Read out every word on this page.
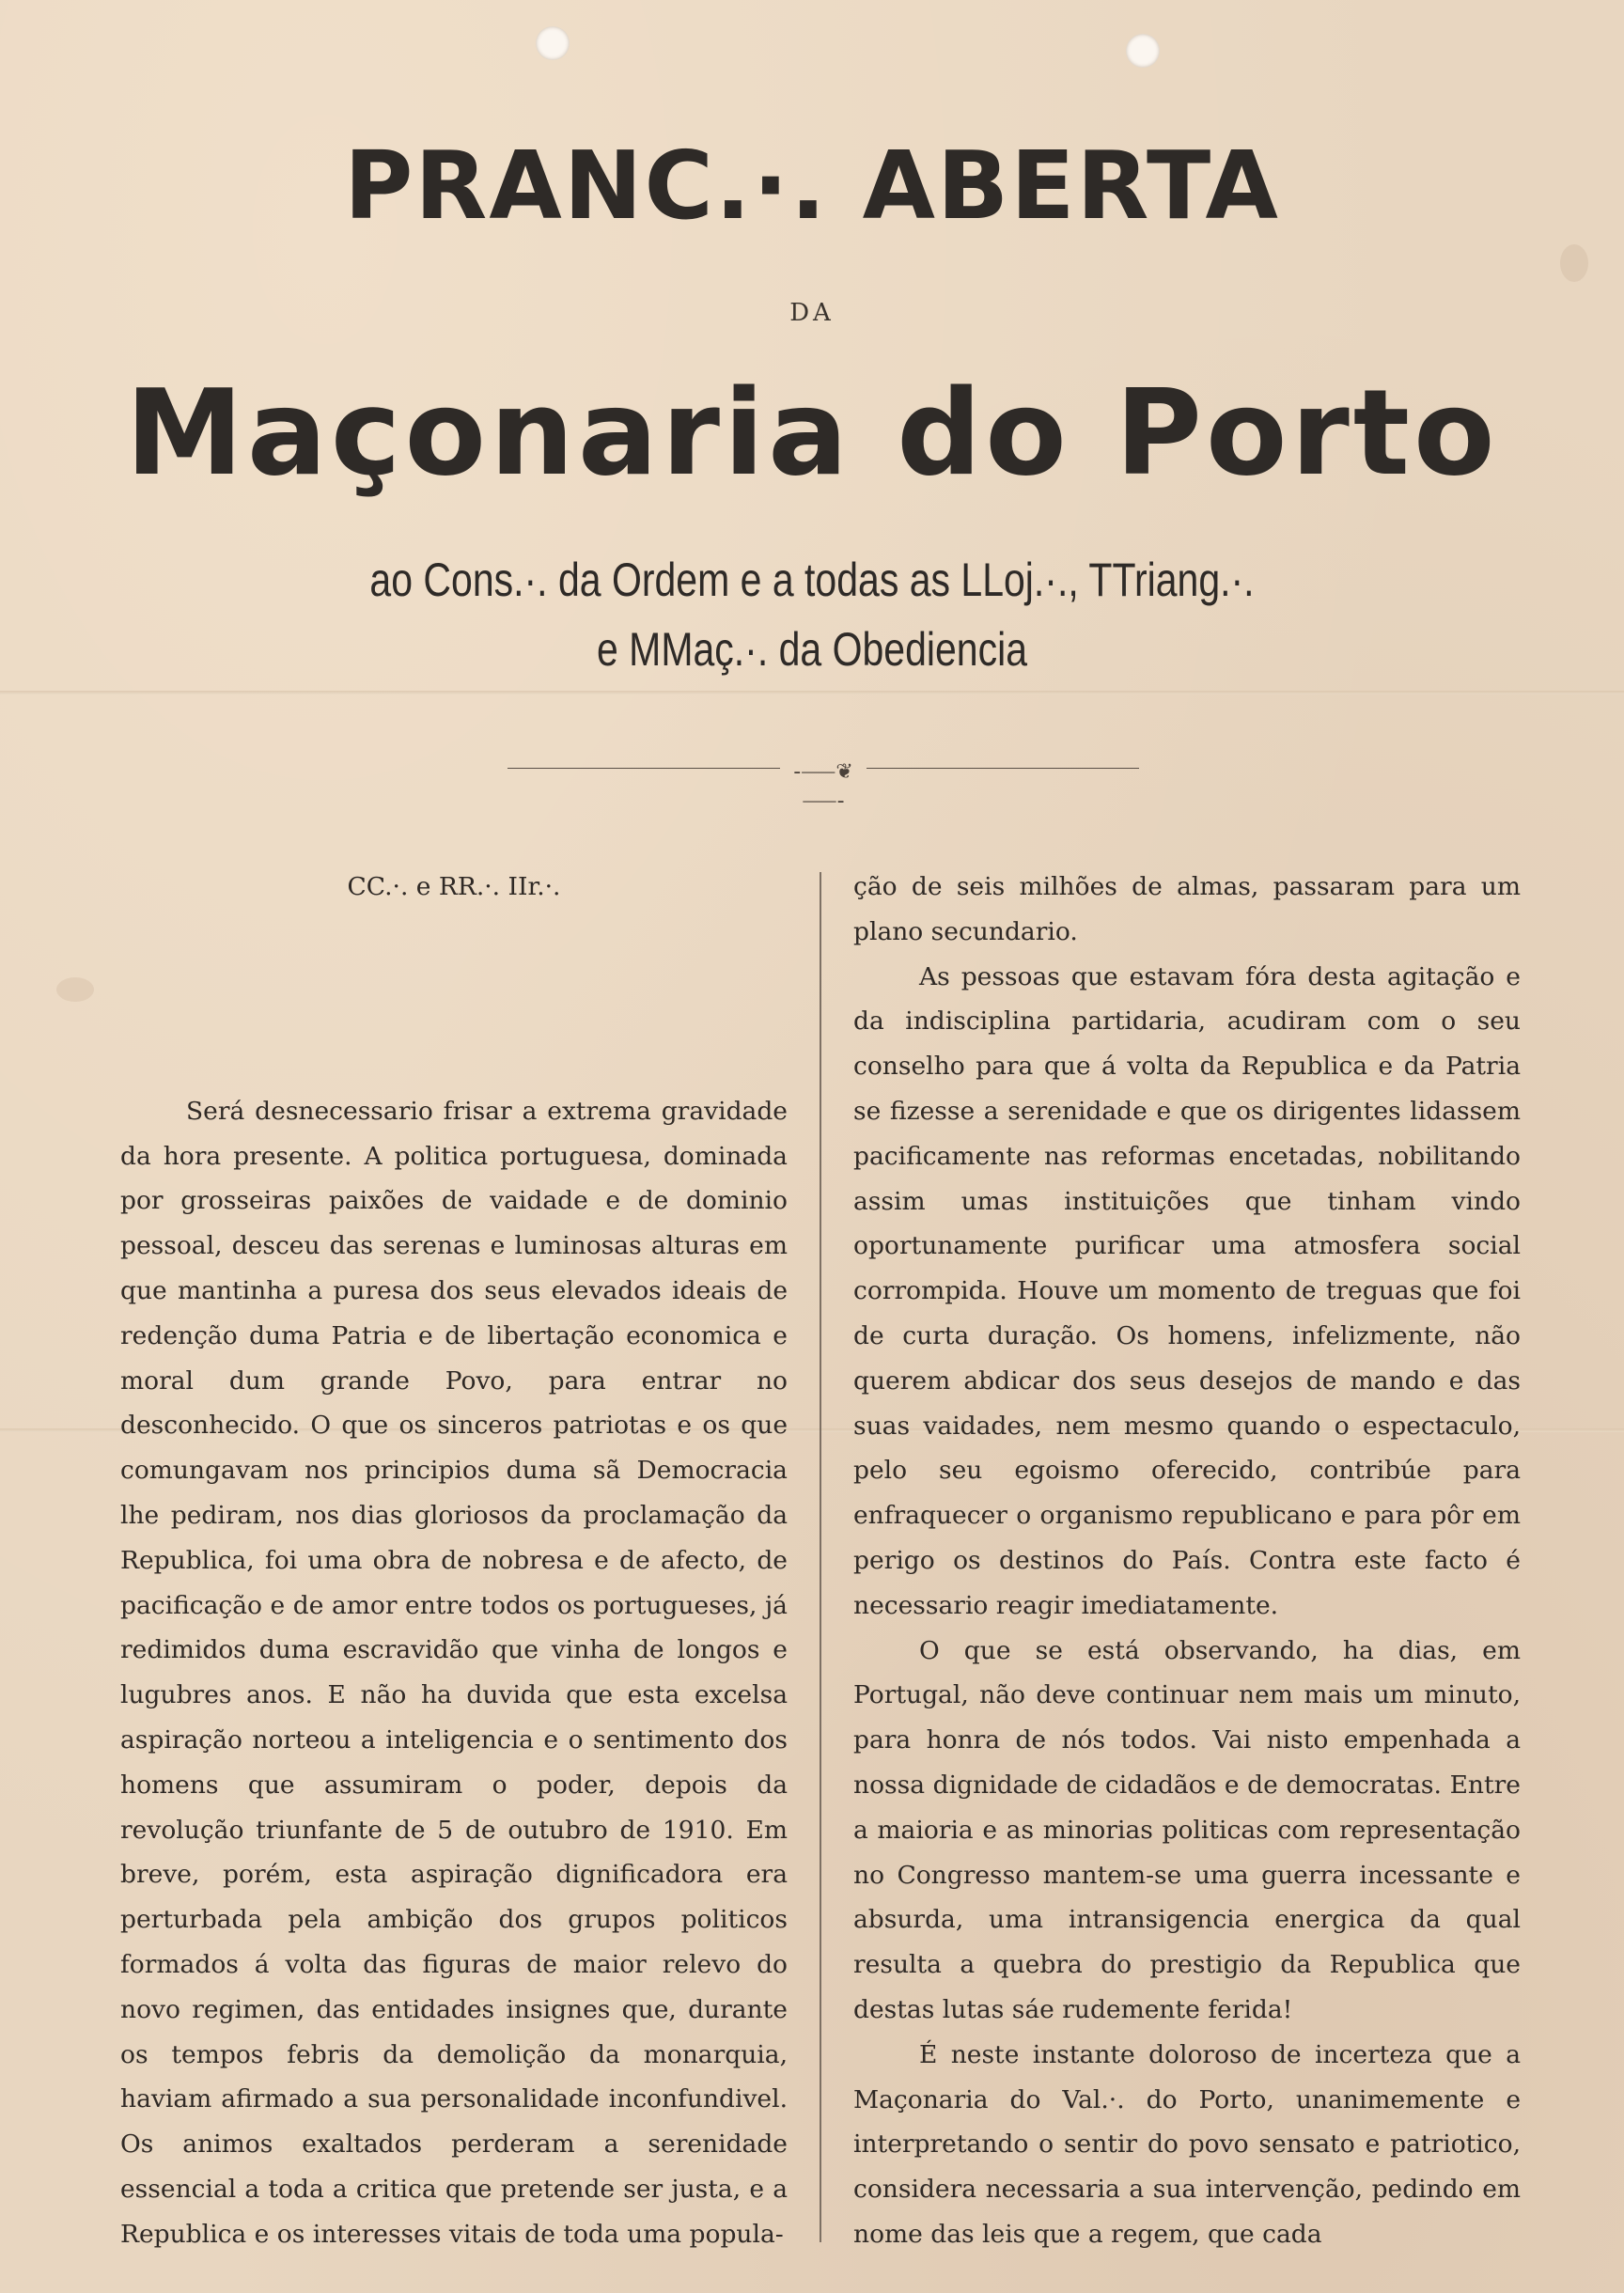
PRANC.·. ABERTA
DA
Maçonaria do Porto
ao Cons.·. da Ordem e a todas as LLoj.·., TTriang.·.
e MMaç.·. da Obediencia
-⸺❦⸺-

CC.·. e RR.·. IIr.·.

Será desnecessario frisar a extrema gravidade da hora presente. A politica portuguesa, dominada por grosseiras paixões de vaidade e de dominio pessoal, desceu das serenas e luminosas alturas em que mantinha a puresa dos seus elevados ideais de redenção duma Patria e de libertação economica e moral dum grande Povo, para entrar no desconhecido. O que os sinceros patriotas e os que comungavam nos principios duma sã Democracia lhe pediram, nos dias gloriosos da proclamação da Republica, foi uma obra de nobresa e de afecto, de pacificação e de amor entre todos os portugueses, já redimidos duma escravidão que vinha de longos e lugubres anos. E não ha duvida que esta excelsa aspiração norteou a inteligencia e o sentimento dos homens que assumiram o poder, depois da revolução triunfante de 5 de outubro de 1910. Em breve, porém, esta aspiração dignificadora era perturbada pela ambição dos grupos politicos formados á volta das figuras de maior relevo do novo regimen, das entidades insignes que, durante os tempos febris da demolição da monarquia, haviam afirmado a sua personalidade inconfundivel. Os animos exaltados perderam a serenidade essencial a toda a critica que pretende ser justa, e a Republica e os interesses vitais de toda uma popula-

ção de seis milhões de almas, passaram para um plano secundario.

As pessoas que estavam fóra desta agitação e da indisciplina partidaria, acudiram com o seu conselho para que á volta da Republica e da Patria se fizesse a serenidade e que os dirigentes lidassem pacificamente nas reformas encetadas, nobilitando assim umas instituições que tinham vindo oportunamente purificar uma atmosfera social corrompida. Houve um momento de treguas que foi de curta duração. Os homens, infelizmente, não querem abdicar dos seus desejos de mando e das suas vaidades, nem mesmo quando o espectaculo, pelo seu egoismo oferecido, contribúe para enfraquecer o organismo republicano e para pôr em perigo os destinos do País. Contra este facto é necessario reagir imediatamente.

O que se está observando, ha dias, em Portugal, não deve continuar nem mais um minuto, para honra de nós todos. Vai nisto empenhada a nossa dignidade de cidadãos e de democratas. Entre a maioria e as minorias politicas com representação no Congresso mantem-se uma guerra incessante e absurda, uma intransigencia energica da qual resulta a quebra do prestigio da Republica que destas lutas sáe rudemente ferida!

É neste instante doloroso de incerteza que a Maçonaria do Val.·. do Porto, unanimemente e interpretando o sentir do povo sensato e patriotico, considera necessaria a sua intervenção, pedindo em nome das leis que a regem, que cada
